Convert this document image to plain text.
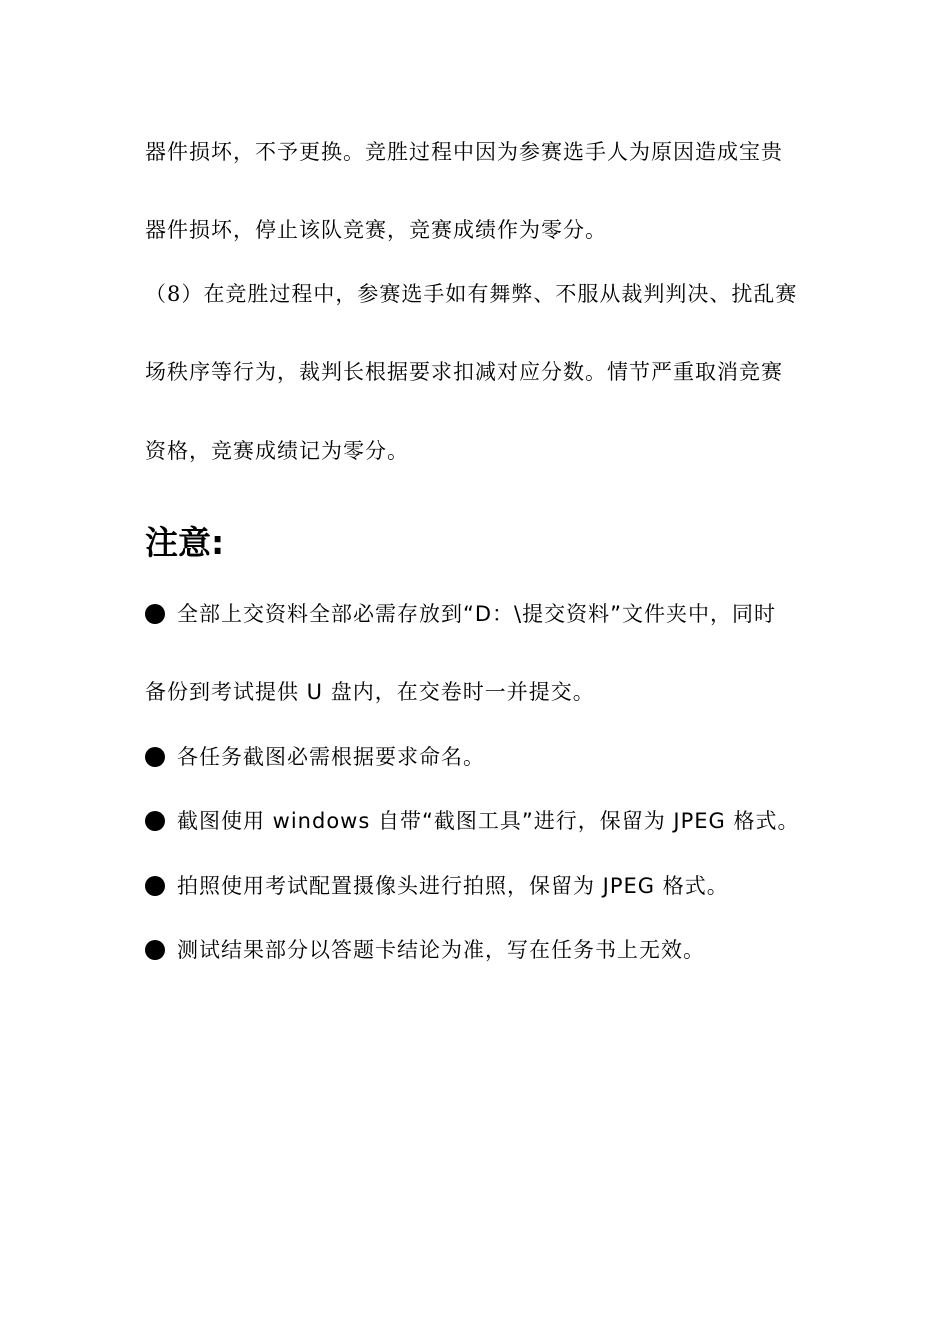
器件损坏，不予更换。竞胜过程中因为参赛选手人为原因造成宝贵
器件损坏，停止该队竞赛，竞赛成绩作为零分。
（8）在竞胜过程中，参赛选手如有舞弊、不服从裁判判决、扰乱赛
场秩序等行为，裁判长根据要求扣减对应分数。情节严重取消竞赛
资格，竞赛成绩记为零分。
注意:
全部上交资料全部必需存放到“D：\提交资料”文件夹中，同时
备份到考试提供 U 盘内，在交卷时一并提交。
各任务截图必需根据要求命名。
截图使用 windows 自带“截图工具”进行，保留为 JPEG 格式。
拍照使用考试配置摄像头进行拍照，保留为 JPEG 格式。
测试结果部分以答题卡结论为准，写在任务书上无效。
